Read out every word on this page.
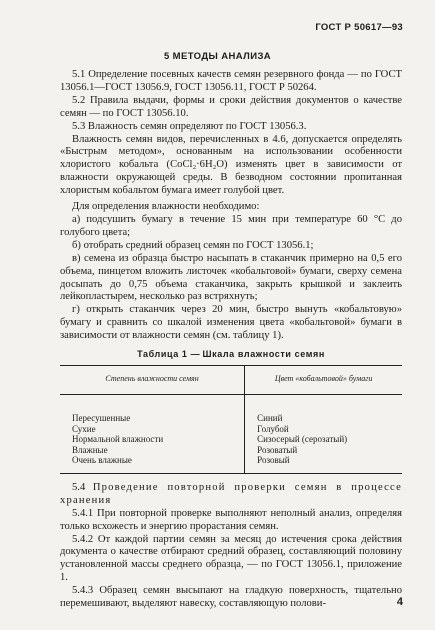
ГОСТ Р 50617—93
5 МЕТОДЫ АНАЛИЗА

5.1 Определение посевных качеств семян резервного фонда — по ГОСТ 13056.1—ГОСТ 13056.9, ГОСТ 13056.11, ГОСТ Р 50264.

5.2 Правила выдачи, формы и сроки действия документов о качестве семян — по ГОСТ 13056.10.

5.3 Влажность семян определяют по ГОСТ 13056.3.

Влажность семян видов, перечисленных в 4.6, допускается определять «Быстрым методом», основанным на использовании особенности хлористого кобальта (CoCl₂·6H₂O) изменять цвет в зависимости от влажности окружающей среды. В безводном состоянии пропитанная хлористым кобальтом бумага имеет голубой цвет.

Для определения влажности необходимо:

а) подсушить бумагу в течение 15 мин при температуре 60 °С до голубого цвета;

б) отобрать средний образец семян по ГОСТ 13056.1;

в) семена из образца быстро насыпать в стаканчик примерно на 0,5 его объема, пинцетом вложить листочек «кобальтовой» бумаги, сверху семена досыпать до 0,75 объема стаканчика, закрыть крышкой и заклеить лейкопластырем, несколько раз встряхнуть;

г) открыть стаканчик через 20 мин, быстро вынуть «кобальтовую» бумагу и сравнить со шкалой изменения цвета «кобальтовой» бумаги в зависимости от влажности семян (см. таблицу 1).

Таблица 1 — Шкала влажности семян
Степень влажности семян	Цвет «кобальтовой» бумаги
Пересушенные	Синий
Сухие	Голубой
Нормальной влажности	Сизосерый (серозатый)
Влажные	Розоватый
Очень влажные	Розовый

5.4 Проведение повторной проверки семян в процессе хранения

5.4.1 При повторной проверке выполняют неполный анализ, определяя только всхожесть и энергию прорастания семян.

5.4.2 От каждой партии семян за месяц до истечения срока действия документа о качестве отбирают средний образец, составляющий половину установленной массы среднего образца, — по ГОСТ 13056.1, приложение 1.

5.4.3 Образец семян высыпают на гладкую поверхность, тщательно перемешивают, выделяют навеску, составляющую полови-	4
